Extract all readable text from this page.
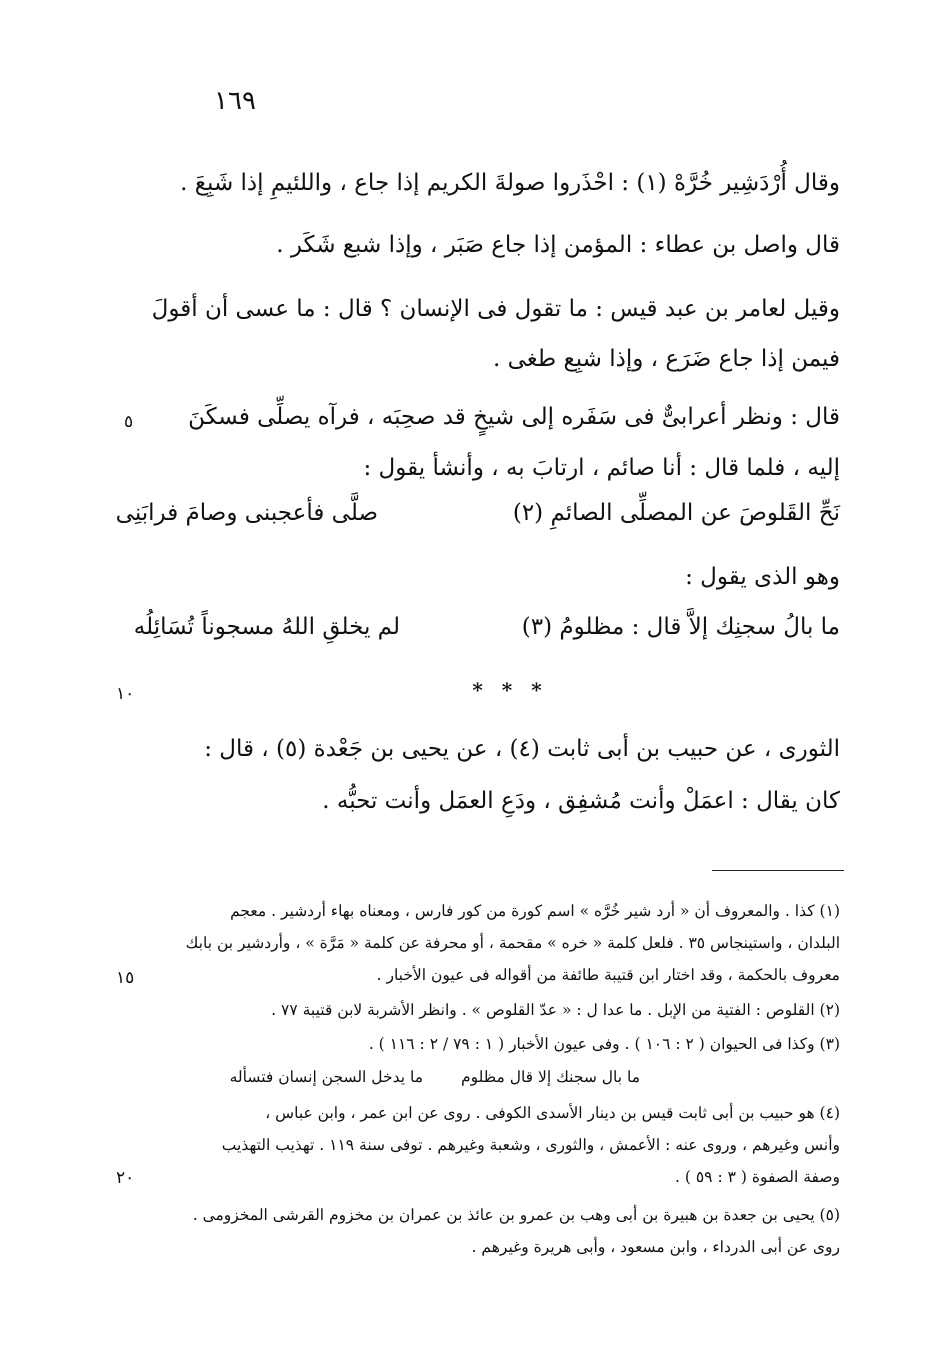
١٦٩
٥
١٠
١٥
٢٠
وقال أُرْدَشِير خُرَّهْ (١) : احْذَروا صولةَ الكريم إذا جاع ، واللئيمِ إذا شَبِعَ .
قال واصل بن عطاء : المؤمن إذا جاع صَبَر ، وإذا شبع شَكَر .
وقيل لعامر بن عبد قيس : ما تقول فى الإنسان ؟ قال : ما عسى أن أقولَ
فيمن إذا جاع ضَرَع ، وإذا شبِع طغى .
قال : ونظر أعرابىٌّ فى سَفَره إلى شيخٍ قد صحِبَه ، فرآه يصلِّى فسكَنَ
إليه ، فلما قال : أنا صائم ، ارتابَ به ، وأنشأ يقول :
صلَّى فأعجبنى وصامَ فرابَنِى	نَحِّ القَلوصَ عن المصلِّى الصائمِ (٢)
وهو الذى يقول :
لم يخلقِ اللهُ مسجوناً تُسَائِلُه	ما بالُ سجنِك إلاَّ قال : مظلومُ (٣)
* * *
الثورى ، عن حبيب بن أبى ثابت (٤) ، عن يحيى بن جَعْدة (٥) ، قال :
كان يقال : اعمَلْ وأنت مُشفِق ، ودَعِ العمَل وأنت تحبُّه .
(١) كذا . والمعروف أن « أرد شير خُرَّه » اسم كورة من كور فارس ، ومعناه بهاء أردشير . معجم
البلدان ، واستينجاس ٣٥ . فلعل كلمة « خره » مقحمة ، أو محرفة عن كلمة « مَرَّة » ، وأردشير بن بابك
معروف بالحكمة ، وقد اختار ابن قتيبة طائفة من أقواله فى عيون الأخبار .
(٢) القلوص : الفتية من الإبل . ما عدا ل : « عدّ القلوص » . وانظر الأشربة لابن قتيبة ٧٧ .
(٣) وكذا فى الحيوان ( ٢ : ١٠٦ ) . وفى عيون الأخبار ( ١ : ٧٩ / ٢ : ١١٦ ) .
ما يدخل السجن إنسان فتسأله ما بال سجنك إلا قال مظلوم
(٤) هو حبيب بن أبى ثابت قيس بن دينار الأسدى الكوفى . روى عن ابن عمر ، وابن عباس ،
وأنس وغيرهم ، وروى عنه : الأعمش ، والثورى ، وشعبة وغيرهم . توفى سنة ١١٩ . تهذيب التهذيب
وصفة الصفوة ( ٣ : ٥٩ ) .
(٥) يحيى بن جعدة بن هبيرة بن أبى وهب بن عمرو بن عائذ بن عمران بن مخزوم القرشى المخزومى .
روى عن أبى الدرداء ، وابن مسعود ، وأبى هريرة وغيرهم .
